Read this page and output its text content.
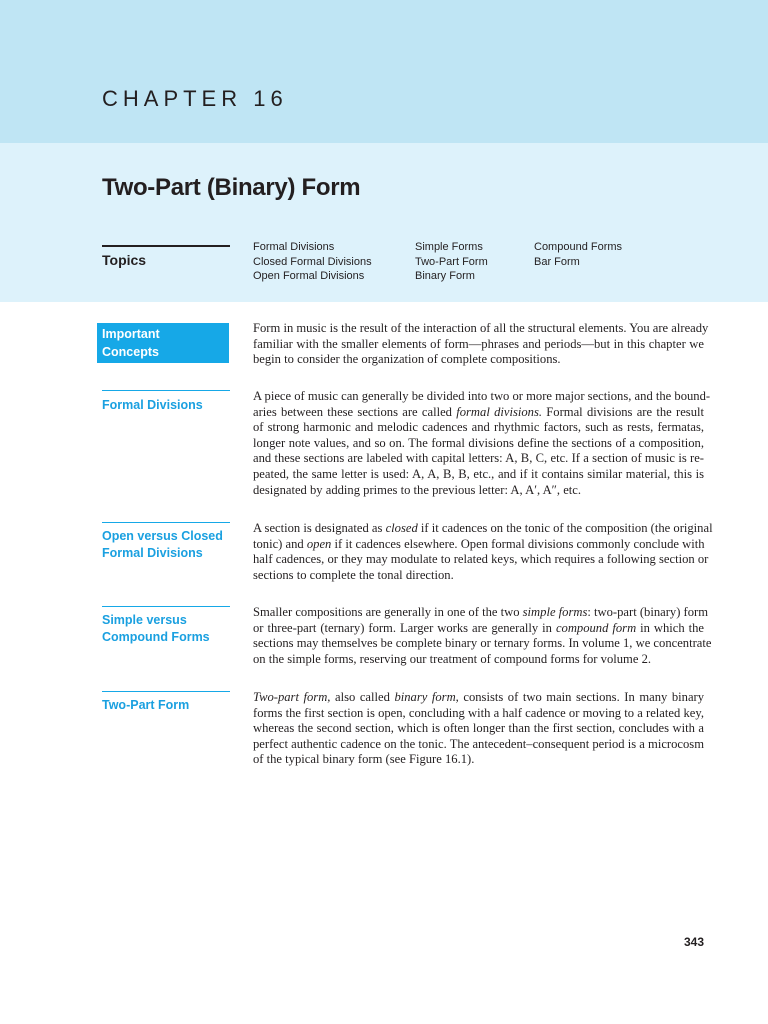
CHAPTER 16
Two-Part (Binary) Form
Topics
Formal Divisions
Closed Formal Divisions
Open Formal Divisions
Simple Forms
Two-Part Form
Binary Form
Compound Forms
Bar Form
Important
Concepts
Form in music is the result of the interaction of all the structural elements. You are already
familiar with the smaller elements of form—phrases and periods—but in this chapter we
begin to consider the organization of complete compositions.
Formal Divisions
A piece of music can generally be divided into two or more major sections, and the bound-
aries between these sections are called formal divisions. Formal divisions are the result
of strong harmonic and melodic cadences and rhythmic factors, such as rests, fermatas,
longer note values, and so on. The formal divisions define the sections of a composition,
and these sections are labeled with capital letters: A, B, C, etc. If a section of music is re-
peated, the same letter is used: A, A, B, B, etc., and if it contains similar material, this is
designated by adding primes to the previous letter: A, A′, A″, etc.
Open versus Closed
Formal Divisions
A section is designated as closed if it cadences on the tonic of the composition (the original
tonic) and open if it cadences elsewhere. Open formal divisions commonly conclude with
half cadences, or they may modulate to related keys, which requires a following section or
sections to complete the tonal direction.
Simple versus
Compound Forms
Smaller compositions are generally in one of the two simple forms: two-part (binary) form
or three-part (ternary) form. Larger works are generally in compound form in which the
sections may themselves be complete binary or ternary forms. In volume 1, we concentrate
on the simple forms, reserving our treatment of compound forms for volume 2.
Two-Part Form
Two-part form, also called binary form, consists of two main sections. In many binary
forms the first section is open, concluding with a half cadence or moving to a related key,
whereas the second section, which is often longer than the first section, concludes with a
perfect authentic cadence on the tonic. The antecedent–consequent period is a microcosm
of the typical binary form (see Figure 16.1).
343
